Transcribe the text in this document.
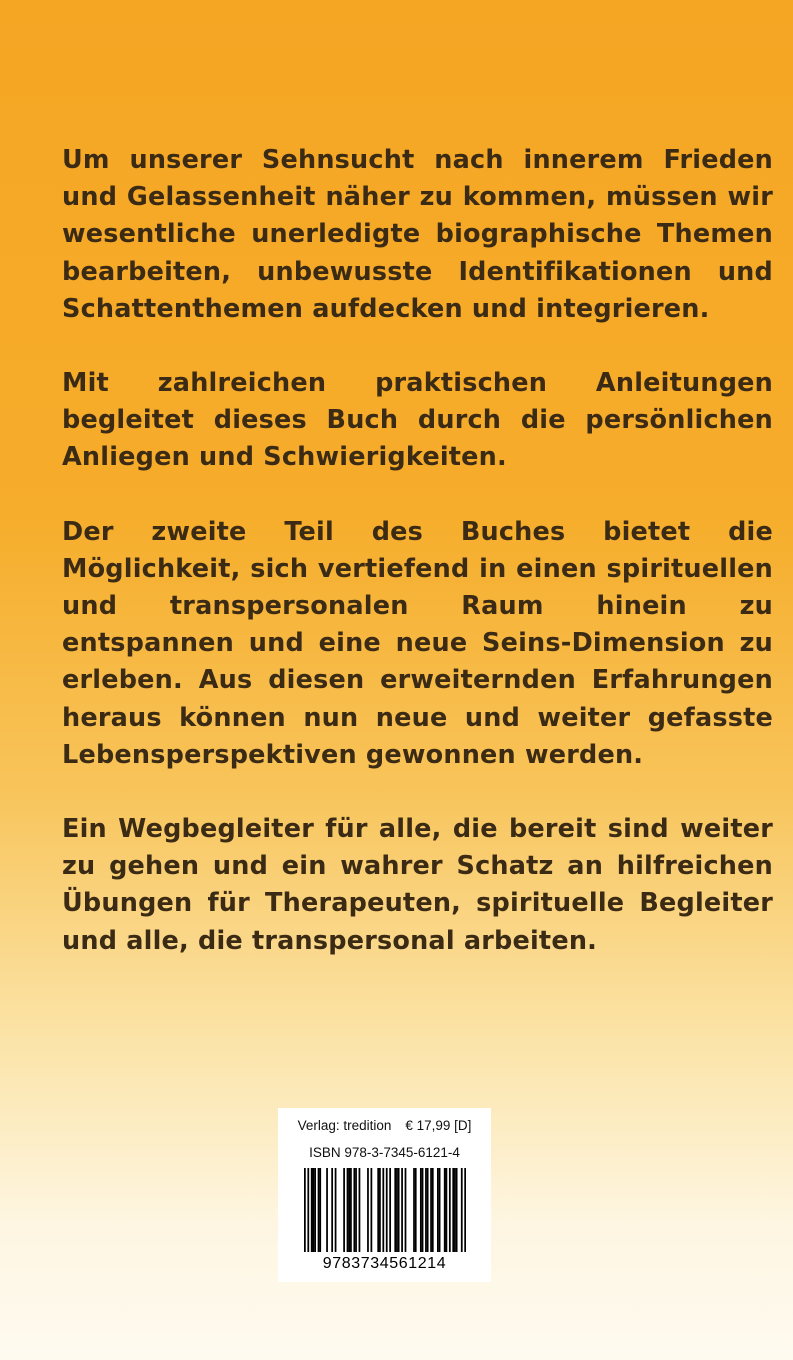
Um unserer Sehnsucht nach innerem Frieden und Gelassenheit näher zu kommen, müssen wir wesentliche unerledigte biographische Themen bearbeiten, unbewusste Identifikationen und Schattenthemen aufdecken und integrieren.

Mit zahlreichen praktischen Anleitungen begleitet dieses Buch durch die persönlichen Anliegen und Schwierigkeiten.

Der zweite Teil des Buches bietet die Möglichkeit, sich vertiefend in einen spirituellen und transpersonalen Raum hinein zu entspannen und eine neue Seins-Dimension zu erleben. Aus diesen erweiternden Erfahrungen heraus können nun neue und weiter gefasste Lebensperspektiven gewonnen werden.

Ein Wegbegleiter für alle, die bereit sind weiter zu gehen und ein wahrer Schatz an hilfreichen Übungen für Therapeuten, spirituelle Begleiter und alle, die transpersonal arbeiten.

Verlag: tredition € 17,99 [D]
ISBN 978-3-7345-6121-4
9783734561214
